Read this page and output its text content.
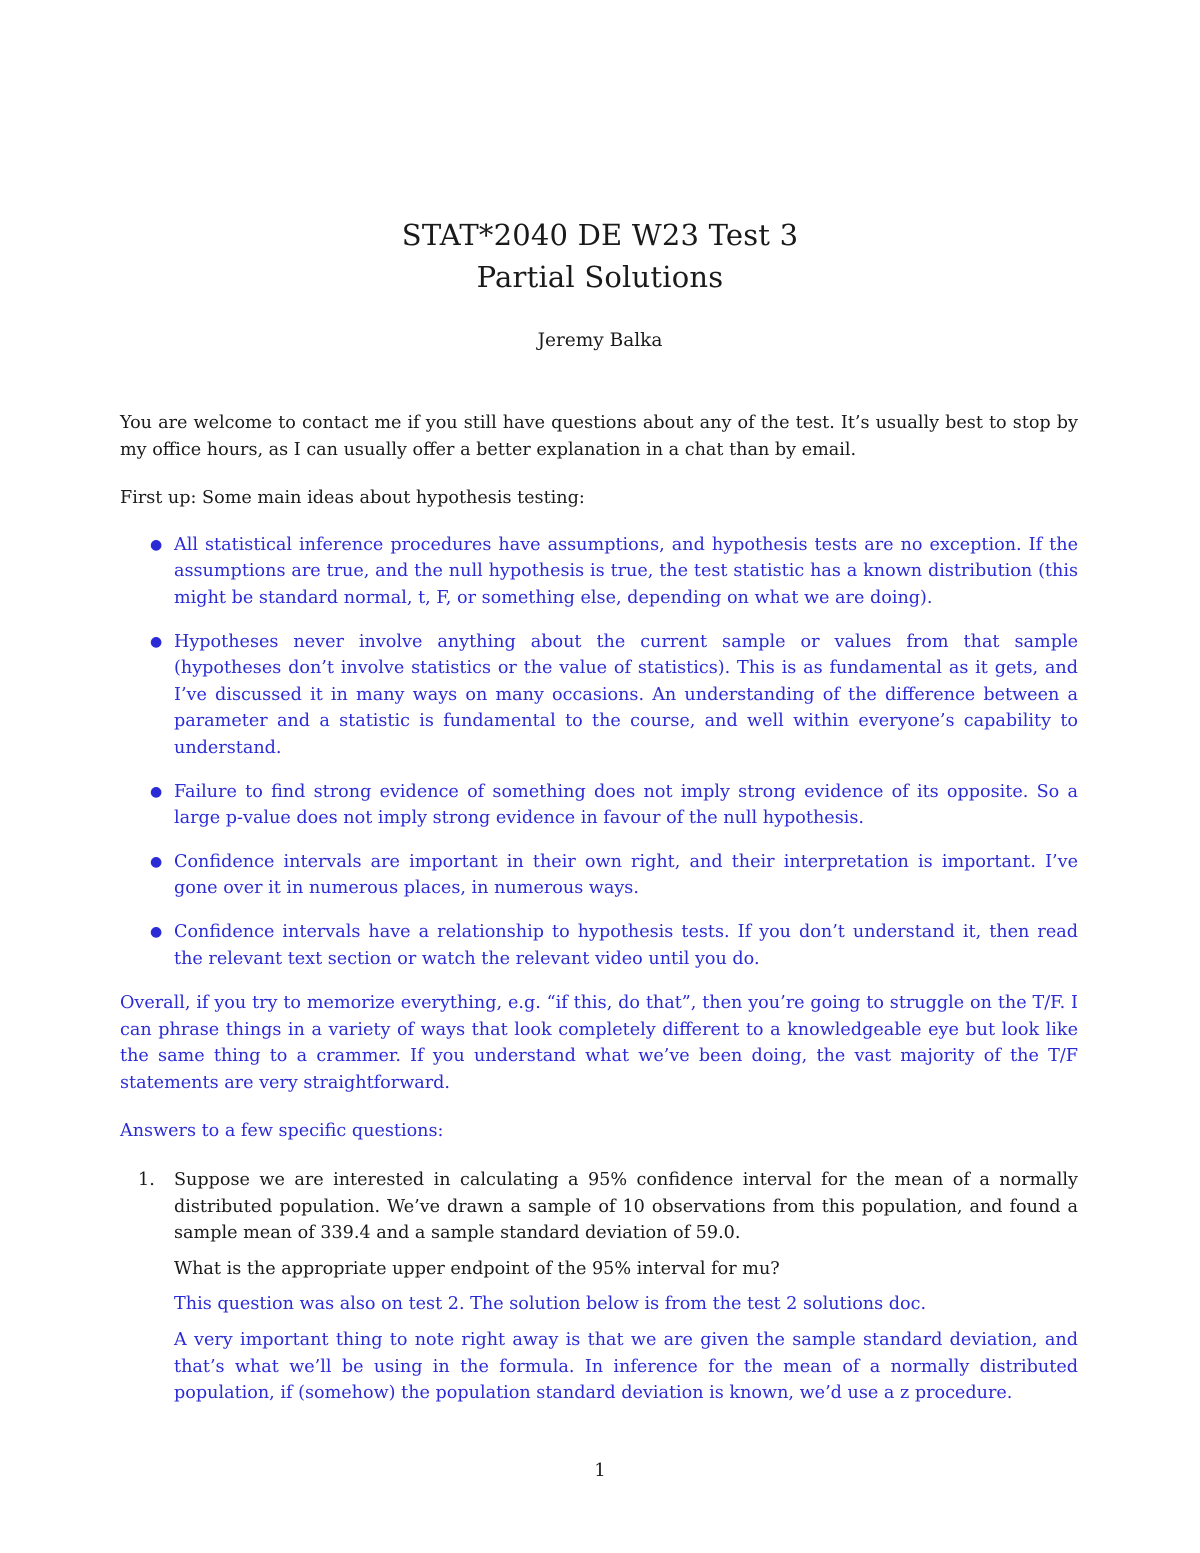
STAT*2040 DE W23 Test 3
Partial Solutions
Jeremy Balka

You are welcome to contact me if you still have questions about any of the test. It’s usually best to stop by my office hours, as I can usually offer a better explanation in a chat than by email.

First up: Some main ideas about hypothesis testing:

● All statistical inference procedures have assumptions, and hypothesis tests are no exception. If the assumptions are true, and the null hypothesis is true, the test statistic has a known distribution (this might be standard normal, t, F, or something else, depending on what we are doing).
● Hypotheses never involve anything about the current sample or values from that sample (hypotheses don’t involve statistics or the value of statistics). This is as fundamental as it gets, and I’ve discussed it in many ways on many occasions. An understanding of the difference between a parameter and a statistic is fundamental to the course, and well within everyone’s capability to understand.
● Failure to find strong evidence of something does not imply strong evidence of its opposite. So a large p-value does not imply strong evidence in favour of the null hypothesis.
● Confidence intervals are important in their own right, and their interpretation is important. I’ve gone over it in numerous places, in numerous ways.
● Confidence intervals have a relationship to hypothesis tests. If you don’t understand it, then read the relevant text section or watch the relevant video until you do.

Overall, if you try to memorize everything, e.g. “if this, do that”, then you’re going to struggle on the T/F. I can phrase things in a variety of ways that look completely different to a knowledgeable eye but look like the same thing to a crammer. If you understand what we’ve been doing, the vast majority of the T/F statements are very straightforward.

Answers to a few specific questions:

1. Suppose we are interested in calculating a 95% confidence interval for the mean of a normally distributed population. We’ve drawn a sample of 10 observations from this population, and found a sample mean of 339.4 and a sample standard deviation of 59.0.

What is the appropriate upper endpoint of the 95% interval for mu?

This question was also on test 2. The solution below is from the test 2 solutions doc.

A very important thing to note right away is that we are given the sample standard deviation, and that’s what we’ll be using in the formula. In inference for the mean of a normally distributed population, if (somehow) the population standard deviation is known, we’d use a z procedure.

1
